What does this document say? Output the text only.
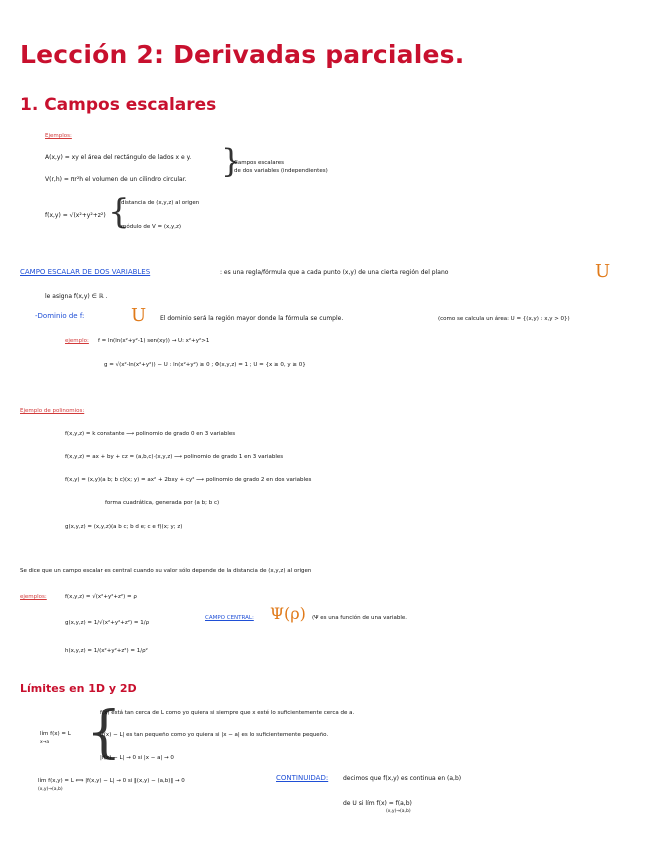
Lección 2: Derivadas parciales.
1. Campos escalares
Ejemplos:
A(x,y) = xy el área del rectángulo de lados x e y.
V(r,h) = πr²h el volumen de un cilindro circular. }
Campos escalares
de dos variables (independientes)
f(x,y) = √(x²+y²+z²) {
distancia de (x,y,z) al origen
módulo de V = (x,y,z)
CAMPO ESCALAR DE DOS VARIABLES	: es una regla/fórmula que a cada punto (x,y) de una cierta región del plano	U
le asigna f(x,y) ∈ ℝ .
-Dominio de f:	U El dominio será la región mayor donde la fórmula se cumple.	(como se calcula un área: U = {(x,y) : x,y > 0})
ejemplo: f = ln(ln(x²+y²-1) sen(xy)) → U: x²+y²>1
g = √(x²-ln(x²+y²)) − U : ln(x²+y²) ≥ 0 ; Φ(x,y,z) = 1 ; U = {x ≥ 0, y ≥ 0}
Ejemplo de polinomios:
f(x,y,z) = k constante ⟶ polinomio de grado 0 en 3 variables
f(x,y,z) = ax + by + cz = (a,b,c)·(x,y,z) ⟶ polinomio de grado 1 en 3 variables
f(x,y) = (x,y)(a b; b c)(x; y) = ax² + 2bxy + cy² ⟶ polinomio de grado 2 en dos variables
forma cuadrática, generada por (a b; b c)
g(x,y,z) = (x,y,z)(a b c; b d e; c e f)(x; y; z)
Se dice que un campo escalar es central cuando su valor sólo depende de la distancia de (x,y,z) al origen
ejemplos:	f(x,y,z) = √(x²+y²+z²) = ρ
g(x,y,z) = 1/√(x²+y²+z²) = 1/ρ
h(x,y,z) = 1/(x²+y²+z²) = 1/ρ²
CAMPO CENTRAL: Ψ(ρ) (Ψ es una función de una variable.
Límites en 1D y 2D
lím f(x) = L
x→a {
f(x) está tan cerca de L como yo quiera si siempre que x esté lo suficientemente cerca de a.
|f(x) − L| es tan pequeño como yo quiera si |x − a| es lo suficientemente pequeño.
|f(x) − L| → 0 si |x − a| → 0
lím f(x,y) = L ⟺ |f(x,y) − L| → 0 si ‖(x,y) − (a,b)‖ → 0
(x,y)→(a,b)
CONTINUIDAD: decimos que f(x,y) es continua en (a,b)
de U si lím f(x) = f(a,b)
(x,y)→(a,b)
